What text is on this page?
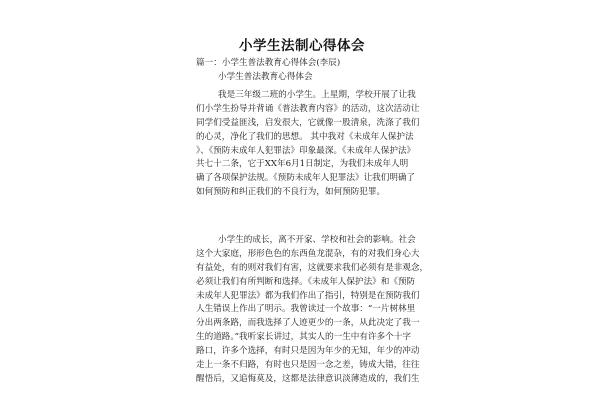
小学生法制心得体会
篇一：小学生普法教育心得体会(李辰)
小学生普法教育心得体会
我是三年级二班的小学生。上星期，学校开展了让我
们小学生扮导并背诵《普法教育内容》的活动，这次活动让
同学们受益匪浅，启发很大，它就像一股清泉，洗涤了我们
的心灵，净化了我们的思想。 其中我对《未成年人保护法
》、《预防未成年人犯罪法》印象最深。《未成年人保护法》
共七十二条，它于XX年6月1日制定，为我们未成年人明
确了各项保护法规。《预防未成年人犯罪法》让我们明确了
如何预防和纠正我们的不良行为，如何预防犯罪。
小学生的成长，离不开家、学校和社会的影响。社会
这个大家庭，形形色色的东西鱼龙混杂，有的对我们身心大
有益处，有的则对我们有害，这就要求我们必须有是非观念，
必须让我们有所判断和选择。《未成年人保护法》和《预防
未成年人犯罪法》都为我们作出了指引，特别是在预防我们
人生错误上作出了明示。我曾读过一个故事：“一片树林里
分出两条路，而我选择了人迹更少的一条，从此决定了我一
生的道路。”我听家长讲过，其实人的一生中有许多个十字
路口，许多个选择，有时只是因为年少的无知，年少的冲动
走上一条不归路，有时也只是因一念之差，铸成大错，往往
醒悟后，又追悔莫及，这都是法律意识淡薄造成的，我们生
